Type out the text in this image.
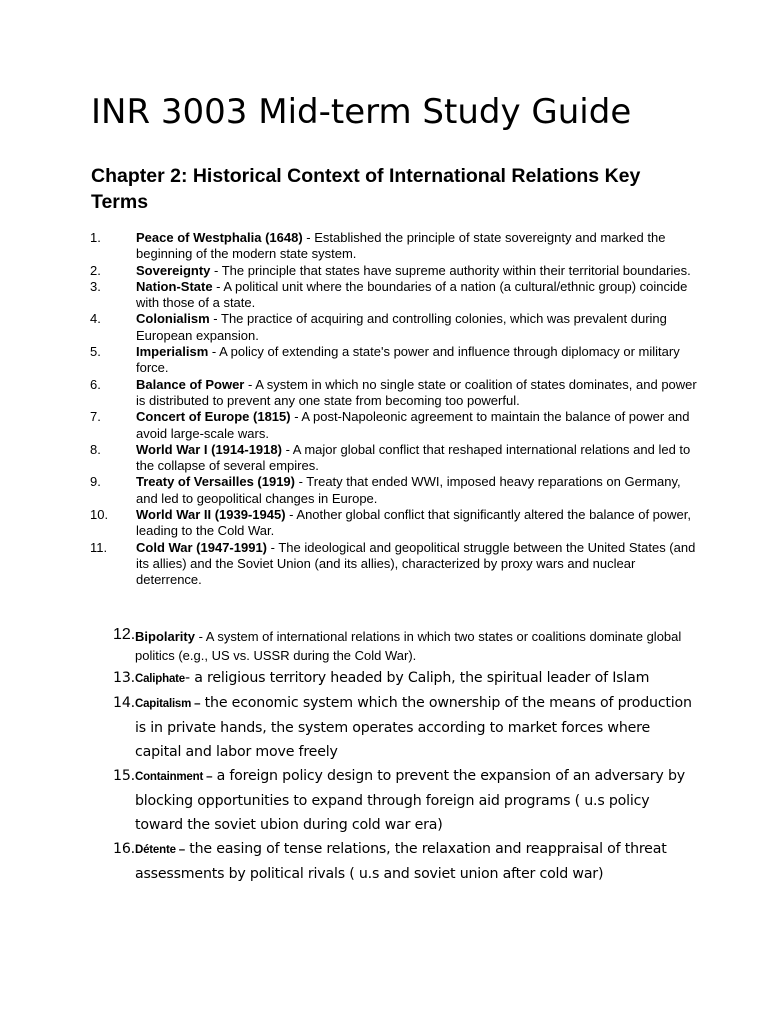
INR 3003 Mid-term Study Guide
Chapter 2: Historical Context of International Relations Key Terms
1.	Peace of Westphalia (1648) - Established the principle of state sovereignty and marked the beginning of the modern state system.
2.	Sovereignty - The principle that states have supreme authority within their territorial boundaries.
3.	Nation-State - A political unit where the boundaries of a nation (a cultural/ethnic group) coincide with those of a state.
4.	Colonialism - The practice of acquiring and controlling colonies, which was prevalent during European expansion.
5.	Imperialism - A policy of extending a state's power and influence through diplomacy or military force.
6.	Balance of Power - A system in which no single state or coalition of states dominates, and power is distributed to prevent any one state from becoming too powerful.
7.	Concert of Europe (1815) - A post-Napoleonic agreement to maintain the balance of power and avoid large-scale wars.
8.	World War I (1914-1918) - A major global conflict that reshaped international relations and led to the collapse of several empires.
9.	Treaty of Versailles (1919) - Treaty that ended WWI, imposed heavy reparations on Germany, and led to geopolitical changes in Europe.
10.	World War II (1939-1945) - Another global conflict that significantly altered the balance of power, leading to the Cold War.
11.	Cold War (1947-1991) - The ideological and geopolitical struggle between the United States (and its allies) and the Soviet Union (and its allies), characterized by proxy wars and nuclear deterrence.
12. Bipolarity - A system of international relations in which two states or coalitions dominate global politics (e.g., US vs. USSR during the Cold War).
13. Caliphate- a religious territory headed by Caliph, the spiritual leader of Islam
14. Capitalism – the economic system which the ownership of the means of production is in private hands, the system operates according to market forces where capital and labor move freely
15. Containment – a foreign policy design to prevent the expansion of an adversary by blocking opportunities to expand through foreign aid programs ( u.s policy toward the soviet ubion during cold war era)
16. Détente – the easing of tense relations, the relaxation and reappraisal of threat assessments by political rivals ( u.s and soviet union after cold war)
